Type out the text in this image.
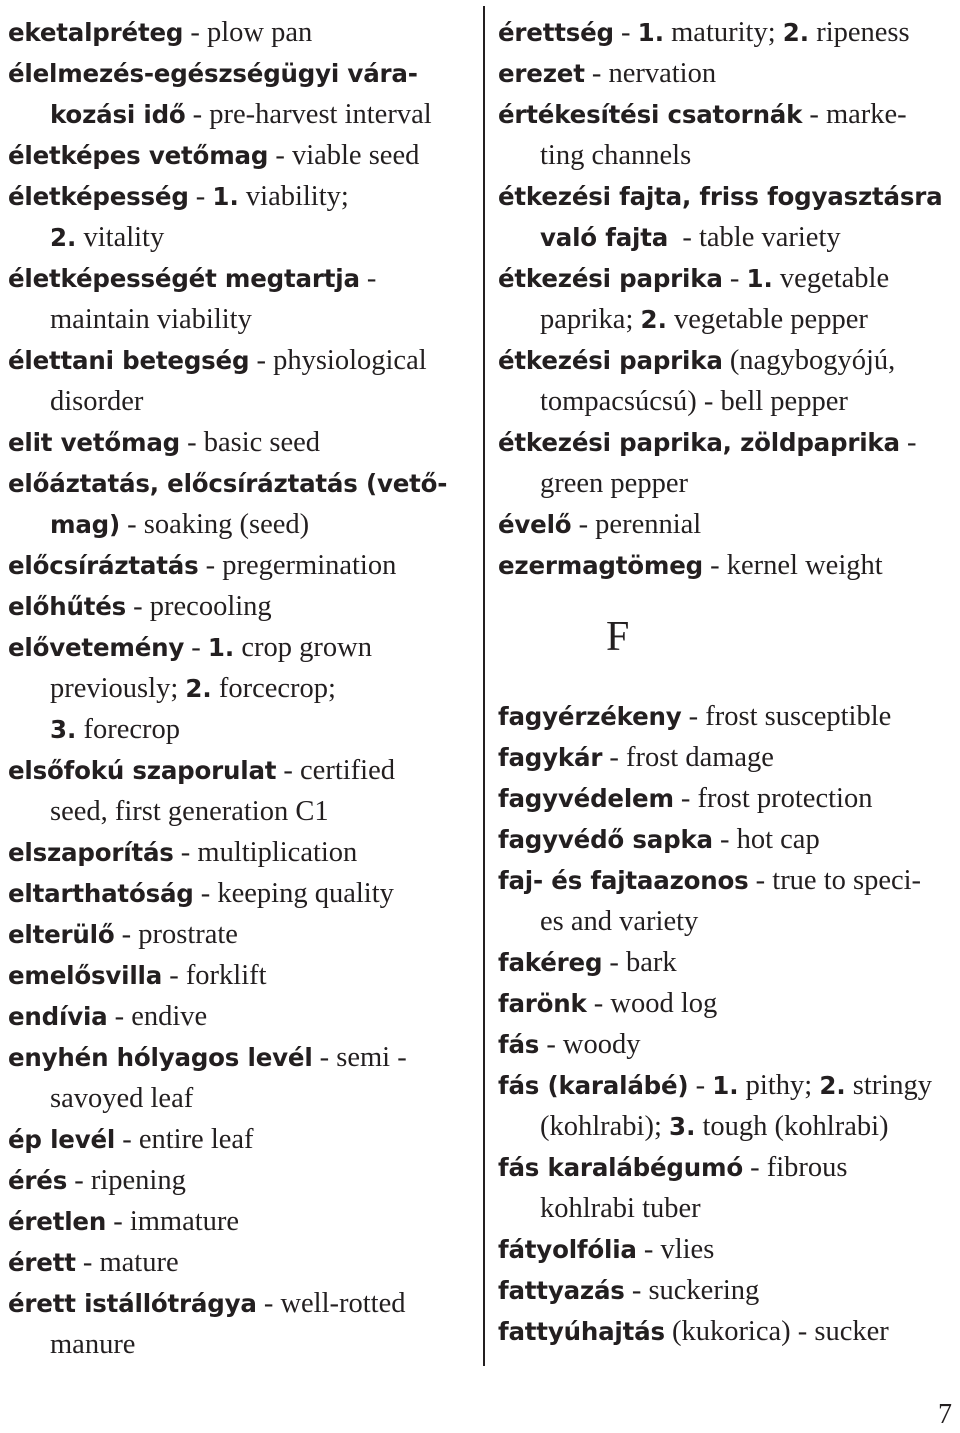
eketalpréteg - plow pan
élelmezés-egészségügyi vára-
kozási idő - pre-harvest interval
életképes vetőmag - viable seed
életképesség - 1. viability;
2. vitality
életképességét megtartja -
maintain viability
élettani betegség - physiological
disorder
elit vetőmag - basic seed
előáztatás, előcsíráztatás (vető-
mag) - soaking (seed)
előcsíráztatás - pregermination
előhűtés - precooling
elővetemény - 1. crop grown
previously; 2. forcecrop;
3. forecrop
elsőfokú szaporulat - certified
seed, first generation C1
elszaporítás - multiplication
eltarthatóság - keeping quality
elterülő - prostrate
emelősvilla - forklift
endívia - endive
enyhén hólyagos levél - semi -
savoyed leaf
ép levél - entire leaf
érés - ripening
éretlen - immature
érett - mature
érett istállótrágya - well-rotted
manure
érettség - 1. maturity; 2. ripeness
erezet - nervation
értékesítési csatornák - marke-
ting channels
étkezési fajta, friss fogyasztásra
való fajta  - table variety
étkezési paprika - 1. vegetable
paprika; 2. vegetable pepper
étkezési paprika (nagybogyójú,
tompacsúcsú) - bell pepper
étkezési paprika, zöldpaprika -
green pepper
évelő - perennial
ezermagtömeg - kernel weight
F
fagyérzékeny - frost susceptible
fagykár - frost damage
fagyvédelem - frost protection
fagyvédő sapka - hot cap
faj- és fajtaazonos - true to speci-
es and variety
fakéreg - bark
farönk - wood log
fás - woody
fás (karalábé) - 1. pithy; 2. stringy
(kohlrabi); 3. tough (kohlrabi)
fás karalábégumó - fibrous
kohlrabi tuber
fátyolfólia - vlies
fattyazás - suckering
fattyúhajtás (kukorica) - sucker
7
